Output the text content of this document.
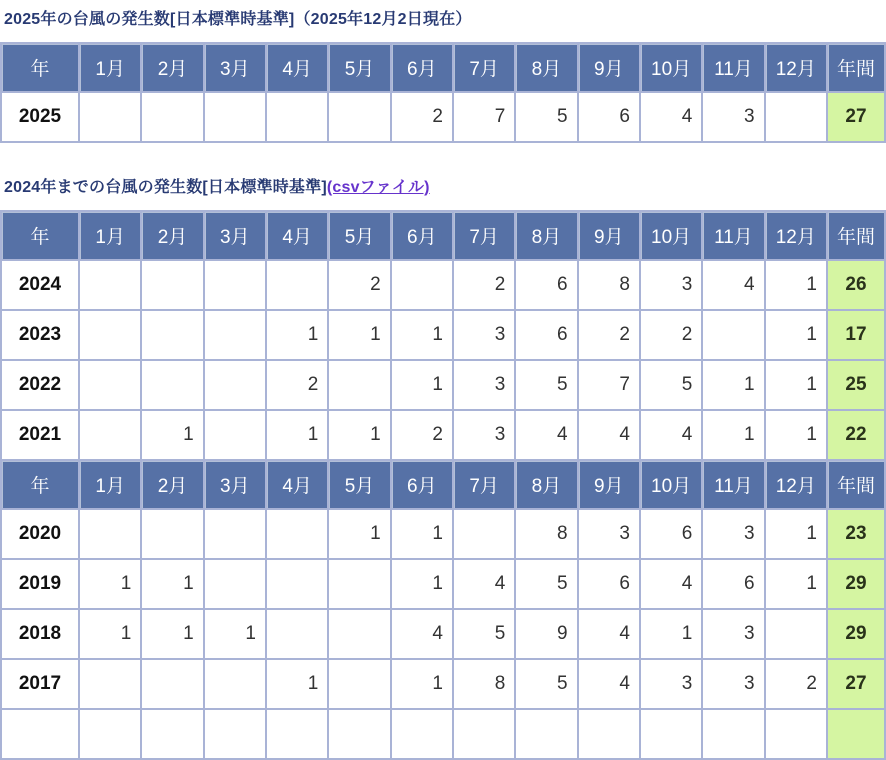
2025年の台風の発生数[日本標準時基準]（2025年12月2日現在）
年	1月	2月	3月	4月	5月	6月	7月	8月	9月	10月	11月	12月	年間
2025						2	7	5	6	4	3		27
2024年までの台風の発生数[日本標準時基準](csvファイル)
年	1月	2月	3月	4月	5月	6月	7月	8月	9月	10月	11月	12月	年間
2024					2		2	6	8	3	4	1	26
2023				1	1	1	3	6	2	2		1	17
2022				2		1	3	5	7	5	1	1	25
2021		1		1	1	2	3	4	4	4	1	1	22
年	1月	2月	3月	4月	5月	6月	7月	8月	9月	10月	11月	12月	年間
2020					1	1		8	3	6	3	1	23
2019	1	1				1	4	5	6	4	6	1	29
2018	1	1	1			4	5	9	4	1	3		29
2017				1		1	8	5	4	3	3	2	27
